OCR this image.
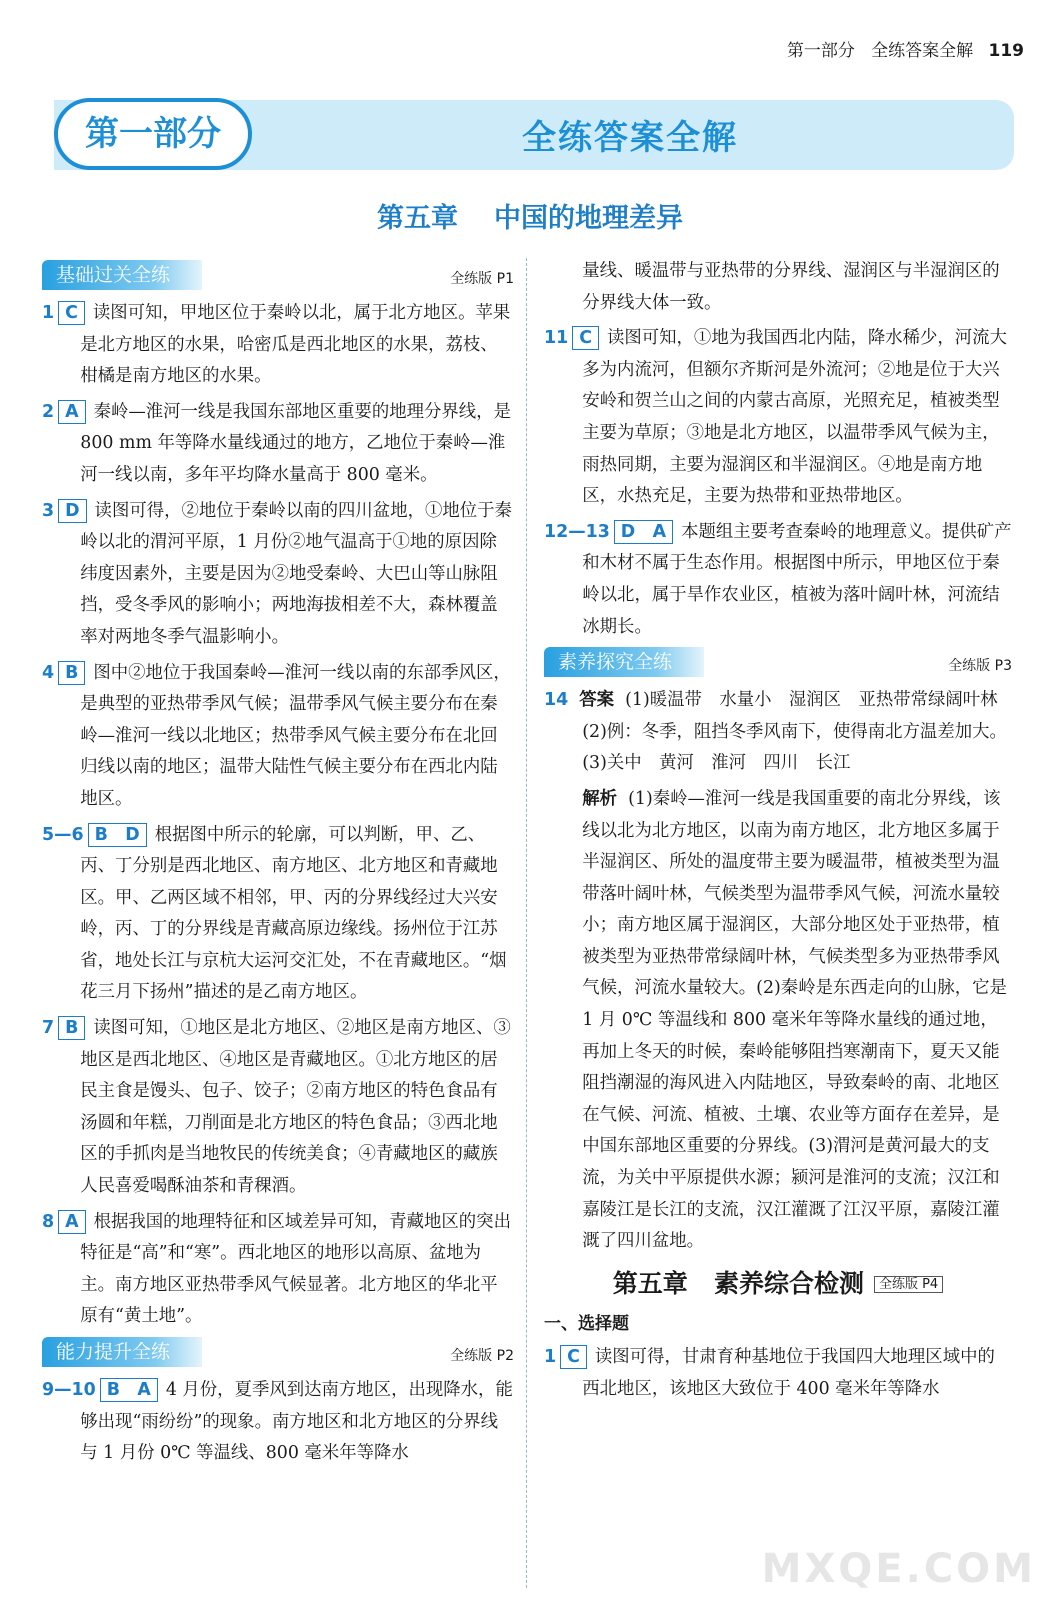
第一部分 全练答案全解 119
第一部分	全练答案全解
第五章 中国的地理差异
基础过关全练	全练版 P1
1 C 读图可知，甲地区位于秦岭以北，属于北方地区。苹果是北方地区的水果，哈密瓜是西北地区的水果，荔枝、柑橘是南方地区的水果。
2 A 秦岭—淮河一线是我国东部地区重要的地理分界线，是 800 mm 年等降水量线通过的地方，乙地位于秦岭—淮河一线以南，多年平均降水量高于 800 毫米。
3 D 读图可得，②地位于秦岭以南的四川盆地，①地位于秦岭以北的渭河平原，1 月份②地气温高于①地的原因除纬度因素外，主要是因为②地受秦岭、大巴山等山脉阻挡，受冬季风的影响小；两地海拔相差不大，森林覆盖率对两地冬季气温影响小。
4 B 图中②地位于我国秦岭—淮河一线以南的东部季风区，是典型的亚热带季风气候；温带季风气候主要分布在秦岭—淮河一线以北地区；热带季风气候主要分布在北回归线以南的地区；温带大陆性气候主要分布在西北内陆地区。
5—6 B　D 根据图中所示的轮廓，可以判断，甲、乙、丙、丁分别是西北地区、南方地区、北方地区和青藏地区。甲、乙两区域不相邻，甲、丙的分界线经过大兴安岭，丙、丁的分界线是青藏高原边缘线。扬州位于江苏省，地处长江与京杭大运河交汇处，不在青藏地区。“烟花三月下扬州”描述的是乙南方地区。
7 B 读图可知，①地区是北方地区、②地区是南方地区、③地区是西北地区、④地区是青藏地区。①北方地区的居民主食是馒头、包子、饺子；②南方地区的特色食品有汤圆和年糕，刀削面是北方地区的特色食品；③西北地区的手抓肉是当地牧民的传统美食；④青藏地区的藏族人民喜爱喝酥油茶和青稞酒。
8 A 根据我国的地理特征和区域差异可知，青藏地区的突出特征是“高”和“寒”。西北地区的地形以高原、盆地为主。南方地区亚热带季风气候显著。北方地区的华北平原有“黄土地”。
能力提升全练	全练版 P2
9—10 B　A 4 月份，夏季风到达南方地区，出现降水，能够出现“雨纷纷”的现象。南方地区和北方地区的分界线与 1 月份 0℃ 等温线、800 毫米年等降水
量线、暖温带与亚热带的分界线、湿润区与半湿润区的分界线大体一致。
11 C 读图可知，①地为我国西北内陆，降水稀少，河流大多为内流河，但额尔齐斯河是外流河；②地是位于大兴安岭和贺兰山之间的内蒙古高原，光照充足，植被类型主要为草原；③地是北方地区，以温带季风气候为主，雨热同期，主要为湿润区和半湿润区。④地是南方地区，水热充足，主要为热带和亚热带地区。
12—13 D　A 本题组主要考查秦岭的地理意义。提供矿产和木材不属于生态作用。根据图中所示，甲地区位于秦岭以北，属于旱作农业区，植被为落叶阔叶林，河流结冰期长。
素养探究全练	全练版 P3
14 答案 (1)暖温带　水量小　湿润区　亚热带常绿阔叶林　(2)例：冬季，阻挡冬季风南下，使得南北方温差加大。　(3)关中　黄河　淮河　四川　长江
解析 (1)秦岭—淮河一线是我国重要的南北分界线，该线以北为北方地区，以南为南方地区，北方地区多属于半湿润区、所处的温度带主要为暖温带，植被类型为温带落叶阔叶林，气候类型为温带季风气候，河流水量较小；南方地区属于湿润区，大部分地区处于亚热带，植被类型为亚热带常绿阔叶林，气候类型多为亚热带季风气候，河流水量较大。(2)秦岭是东西走向的山脉，它是 1 月 0℃ 等温线和 800 毫米年等降水量线的通过地，再加上冬天的时候，秦岭能够阻挡寒潮南下，夏天又能阻挡潮湿的海风进入内陆地区，导致秦岭的南、北地区在气候、河流、植被、土壤、农业等方面存在差异，是中国东部地区重要的分界线。(3)渭河是黄河最大的支流，为关中平原提供水源；颍河是淮河的支流；汉江和嘉陵江是长江的支流，汉江灌溉了江汉平原，嘉陵江灌溉了四川盆地。
第五章 素养综合检测 全练版 P4
一、选择题
1 C 读图可得，甘肃育种基地位于我国四大地理区域中的西北地区，该地区大致位于 400 毫米年等降水
MXQE.COM
